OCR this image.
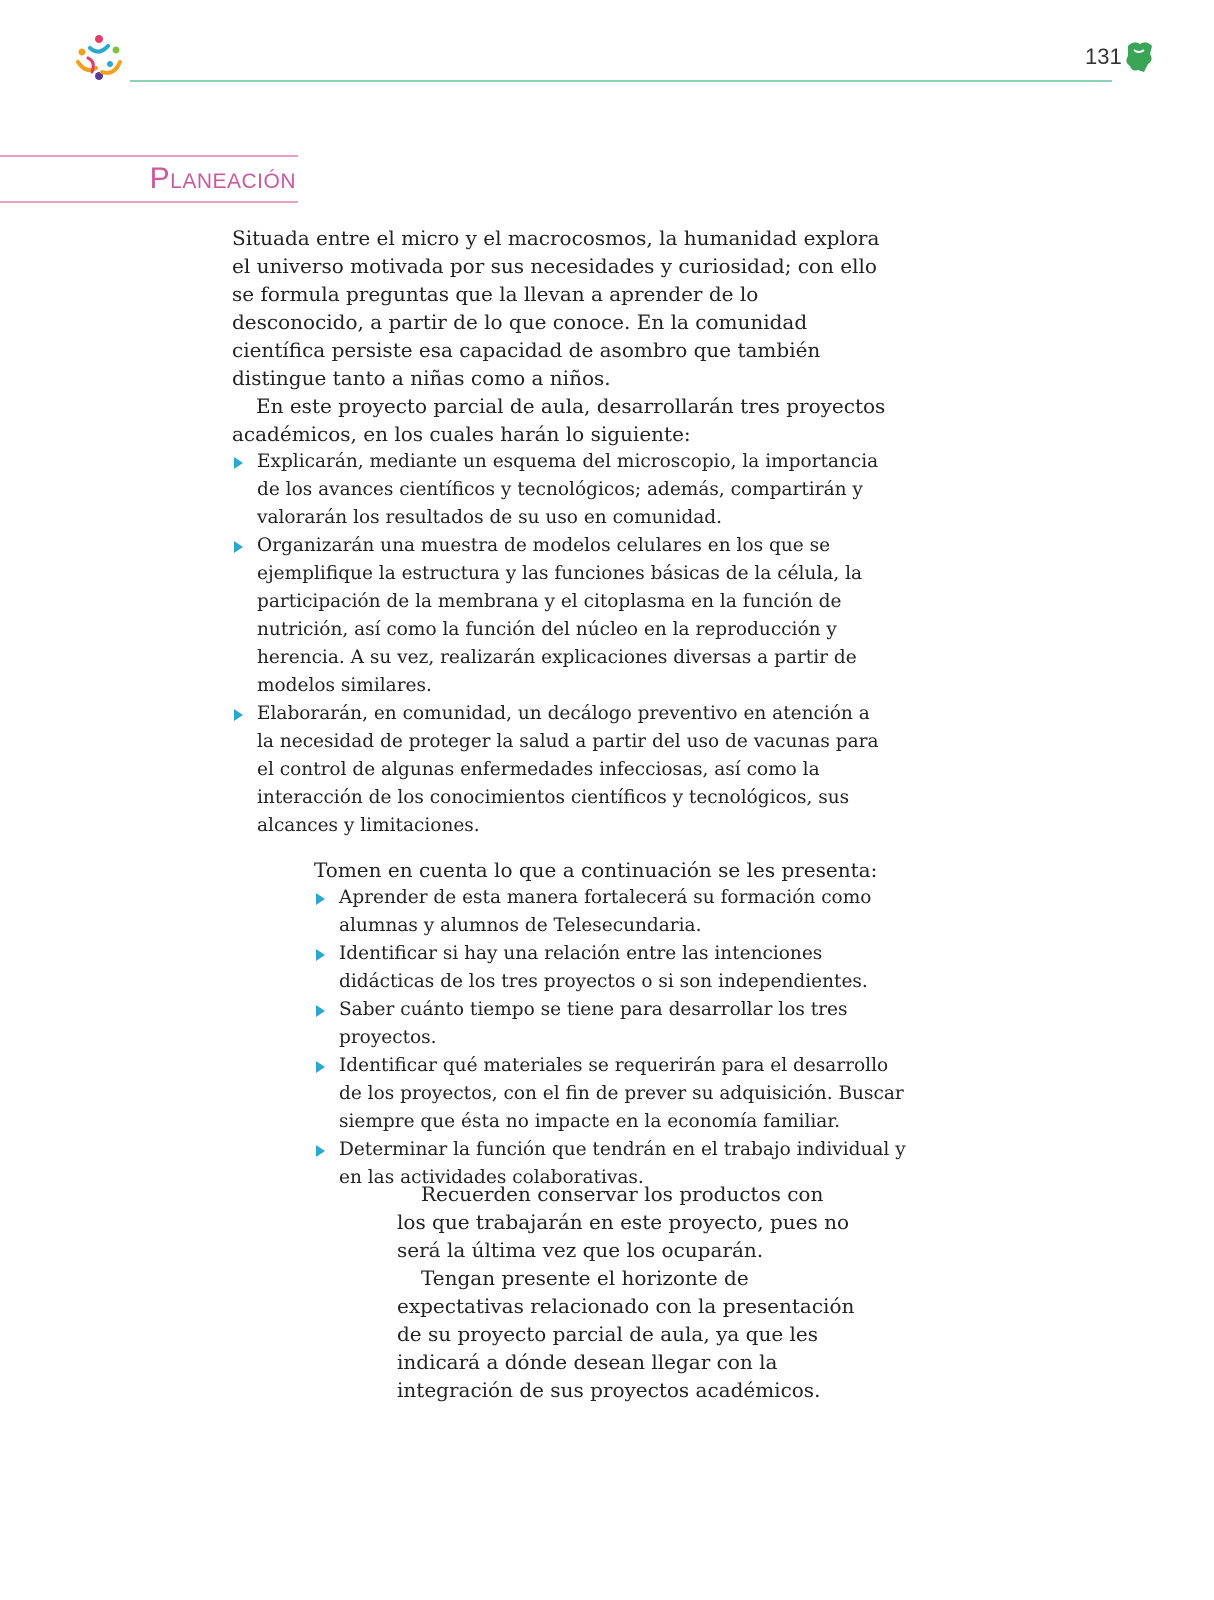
131
Planeación

Situada entre el micro y el macrocosmos, la humanidad explora el universo motivada por sus necesidades y curiosidad; con ello se formula preguntas que la llevan a aprender de lo desconocido, a partir de lo que conoce. En la comunidad científica persiste esa capacidad de asombro que también distingue tanto a niñas como a niños.

En este proyecto parcial de aula, desarrollarán tres proyectos académicos, en los cuales harán lo siguiente:

Explicarán, mediante un esquema del microscopio, la importancia de los avances científicos y tecnológicos; además, compartirán y valorarán los resultados de su uso en comunidad.
Organizarán una muestra de modelos celulares en los que se ejemplifique la estructura y las funciones básicas de la célula, la participación de la membrana y el citoplasma en la función de nutrición, así como la función del núcleo en la reproducción y herencia. A su vez, realizarán explicaciones diversas a partir de modelos similares.
Elaborarán, en comunidad, un decálogo preventivo en atención a la necesidad de proteger la salud a partir del uso de vacunas para el control de algunas enfermedades infecciosas, así como la interacción de los conocimientos científicos y tecnológicos, sus alcances y limitaciones.

Tomen en cuenta lo que a continuación se les presenta:

Aprender de esta manera fortalecerá su formación como alumnas y alumnos de Telesecundaria.
Identificar si hay una relación entre las intenciones didácticas de los tres proyectos o si son independientes.
Saber cuánto tiempo se tiene para desarrollar los tres proyectos.
Identificar qué materiales se requerirán para el desarrollo de los proyectos, con el fin de prever su adquisición. Buscar siempre que ésta no impacte en la economía familiar.
Determinar la función que tendrán en el trabajo individual y en las actividades colaborativas.

Recuerden conservar los productos con los que trabajarán en este proyecto, pues no será la última vez que los ocuparán.

Tengan presente el horizonte de expectativas relacionado con la presentación de su proyecto parcial de aula, ya que les indicará a dónde desean llegar con la integración de sus proyectos académicos.
